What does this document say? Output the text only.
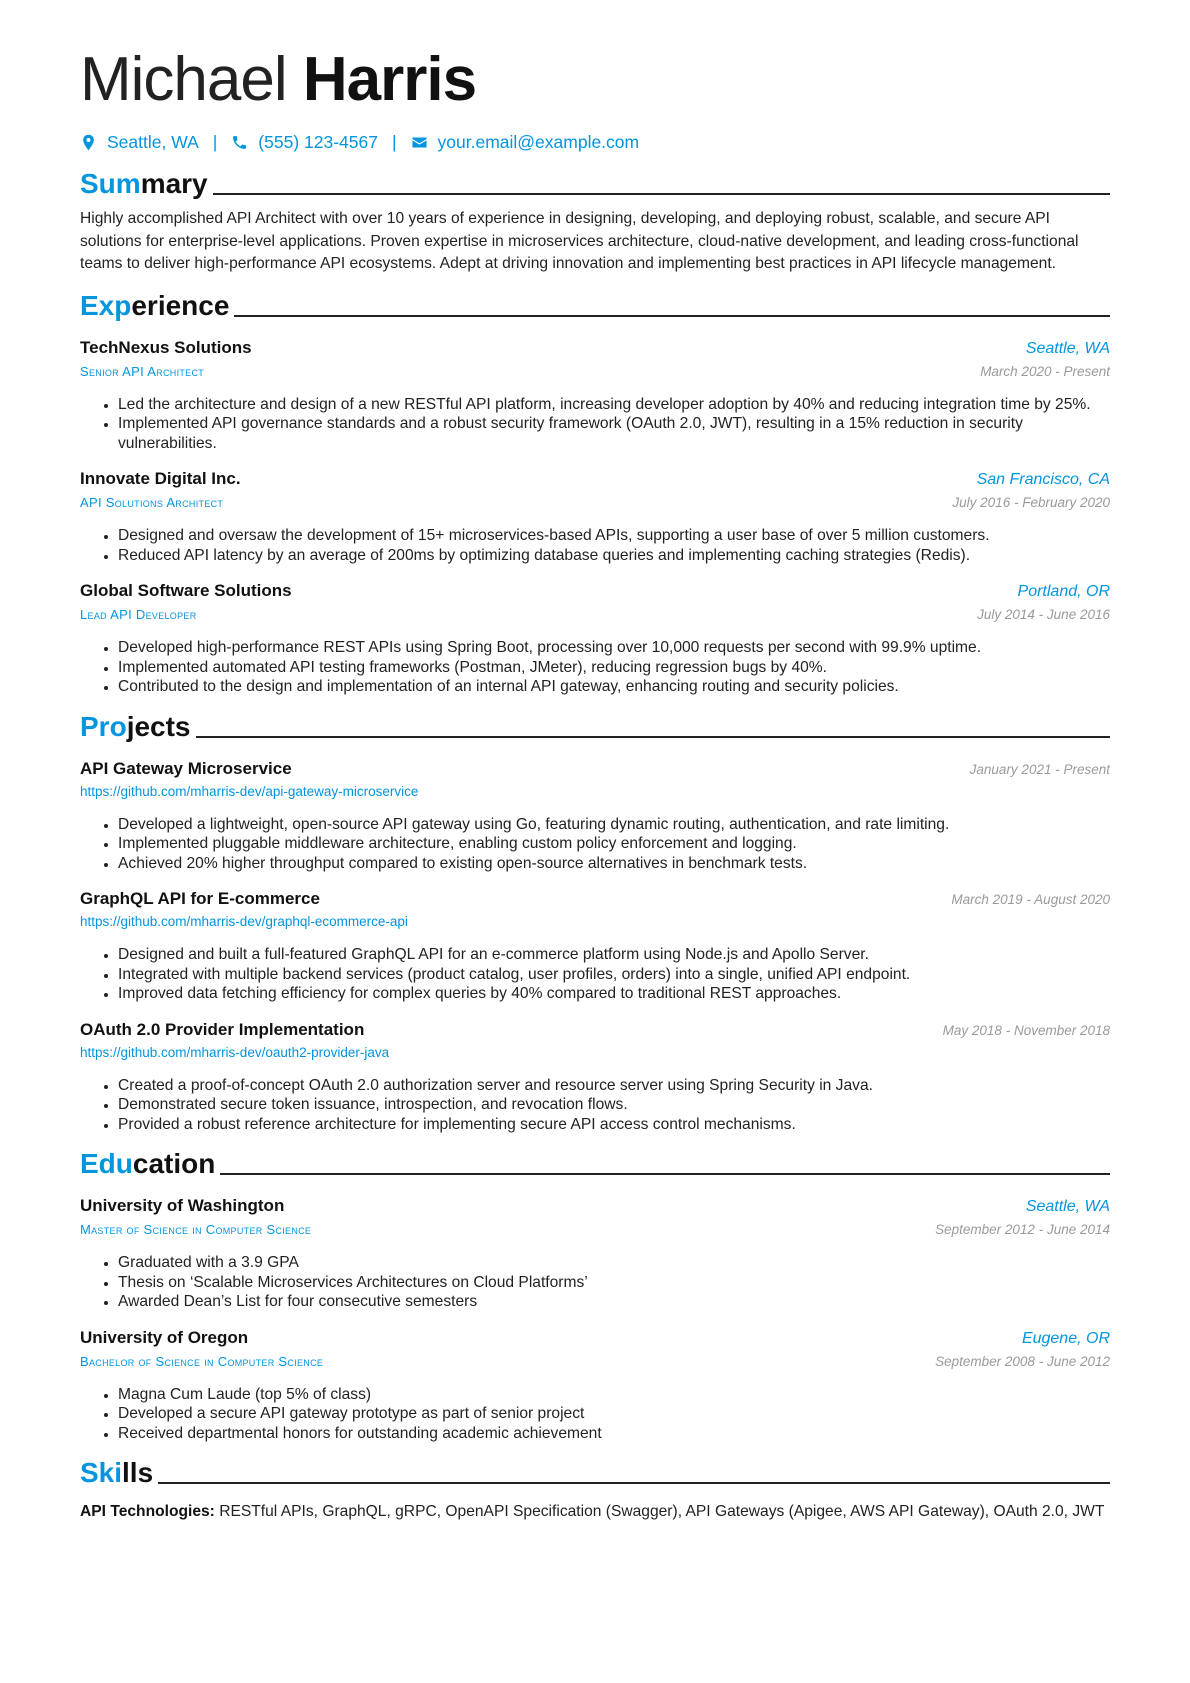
Michael Harris
Seattle, WA | (555) 123-4567 | your.email@example.com
Summary
Highly accomplished API Architect with over 10 years of experience in designing, developing, and deploying robust, scalable, and secure API solutions for enterprise-level applications. Proven expertise in microservices architecture, cloud-native development, and leading cross-functional teams to deliver high-performance API ecosystems. Adept at driving innovation and implementing best practices in API lifecycle management.
Experience
TechNexus Solutions	Seattle, WA
Senior API Architect	March 2020 - Present
• Led the architecture and design of a new RESTful API platform, increasing developer adoption by 40% and reducing integration time by 25%.
• Implemented API governance standards and a robust security framework (OAuth 2.0, JWT), resulting in a 15% reduction in security vulnerabilities.
Innovate Digital Inc.	San Francisco, CA
API Solutions Architect	July 2016 - February 2020
• Designed and oversaw the development of 15+ microservices-based APIs, supporting a user base of over 5 million customers.
• Reduced API latency by an average of 200ms by optimizing database queries and implementing caching strategies (Redis).
Global Software Solutions	Portland, OR
Lead API Developer	July 2014 - June 2016
• Developed high-performance REST APIs using Spring Boot, processing over 10,000 requests per second with 99.9% uptime.
• Implemented automated API testing frameworks (Postman, JMeter), reducing regression bugs by 40%.
• Contributed to the design and implementation of an internal API gateway, enhancing routing and security policies.
Projects
API Gateway Microservice	January 2021 - Present
https://github.com/mharris-dev/api-gateway-microservice
• Developed a lightweight, open-source API gateway using Go, featuring dynamic routing, authentication, and rate limiting.
• Implemented pluggable middleware architecture, enabling custom policy enforcement and logging.
• Achieved 20% higher throughput compared to existing open-source alternatives in benchmark tests.
GraphQL API for E-commerce	March 2019 - August 2020
https://github.com/mharris-dev/graphql-ecommerce-api
• Designed and built a full-featured GraphQL API for an e-commerce platform using Node.js and Apollo Server.
• Integrated with multiple backend services (product catalog, user profiles, orders) into a single, unified API endpoint.
• Improved data fetching efficiency for complex queries by 40% compared to traditional REST approaches.
OAuth 2.0 Provider Implementation	May 2018 - November 2018
https://github.com/mharris-dev/oauth2-provider-java
• Created a proof-of-concept OAuth 2.0 authorization server and resource server using Spring Security in Java.
• Demonstrated secure token issuance, introspection, and revocation flows.
• Provided a robust reference architecture for implementing secure API access control mechanisms.
Education
University of Washington	Seattle, WA
Master of Science in Computer Science	September 2012 - June 2014
• Graduated with a 3.9 GPA
• Thesis on ‘Scalable Microservices Architectures on Cloud Platforms’
• Awarded Dean’s List for four consecutive semesters
University of Oregon	Eugene, OR
Bachelor of Science in Computer Science	September 2008 - June 2012
• Magna Cum Laude (top 5% of class)
• Developed a secure API gateway prototype as part of senior project
• Received departmental honors for outstanding academic achievement
Skills
API Technologies: RESTful APIs, GraphQL, gRPC, OpenAPI Specification (Swagger), API Gateways (Apigee, AWS API Gateway), OAuth 2.0, JWT
